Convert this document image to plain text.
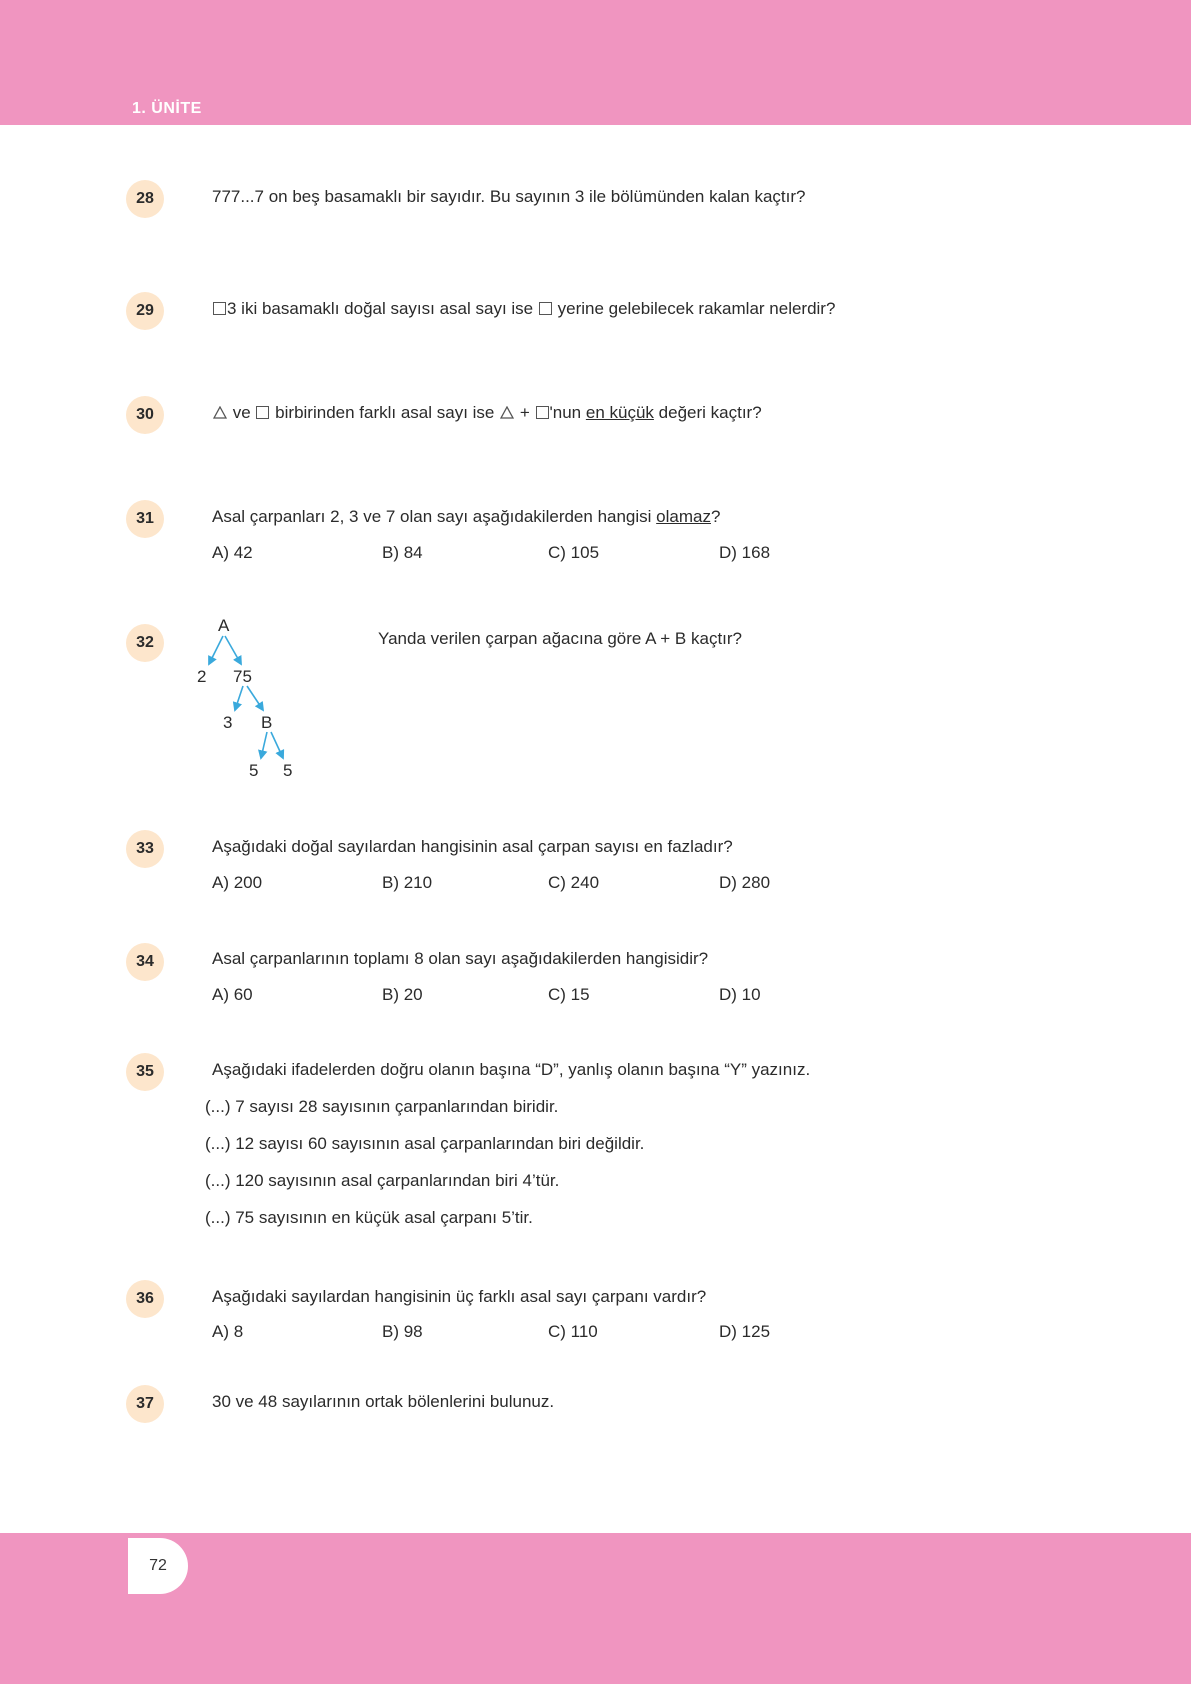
1. ÜNİTE
28	777...7 on beş basamaklı bir sayıdır. Bu sayının 3 ile bölümünden kalan kaçtır?
29	3 iki basamaklı doğal sayısı asal sayı ise yerine gelebilecek rakamlar nelerdir?
30	ve birbirinden farklı asal sayı ise + 'nun en küçük değeri kaçtır?
31	Asal çarpanları 2, 3 ve 7 olan sayı aşağıdakilerden hangisi olamaz?
A) 42	B) 84	C) 105	D) 168
32	Yanda verilen çarpan ağacına göre A + B kaçtır?
A
2 75
3 B
5 5
33	Aşağıdaki doğal sayılardan hangisinin asal çarpan sayısı en fazladır?
A) 200	B) 210	C) 240	D) 280
34	Asal çarpanlarının toplamı 8 olan sayı aşağıdakilerden hangisidir?
A) 60	B) 20	C) 15	D) 10
35	Aşağıdaki ifadelerden doğru olanın başına “D”, yanlış olanın başına “Y” yazınız.
(...) 7 sayısı 28 sayısının çarpanlarından biridir.
(...) 12 sayısı 60 sayısının asal çarpanlarından biri değildir.
(...) 120 sayısının asal çarpanlarından biri 4’tür.
(...) 75 sayısının en küçük asal çarpanı 5’tir.
36	Aşağıdaki sayılardan hangisinin üç farklı asal sayı çarpanı vardır?
A) 8	B) 98	C) 110	D) 125
37	30 ve 48 sayılarının ortak bölenlerini bulunuz.
72
